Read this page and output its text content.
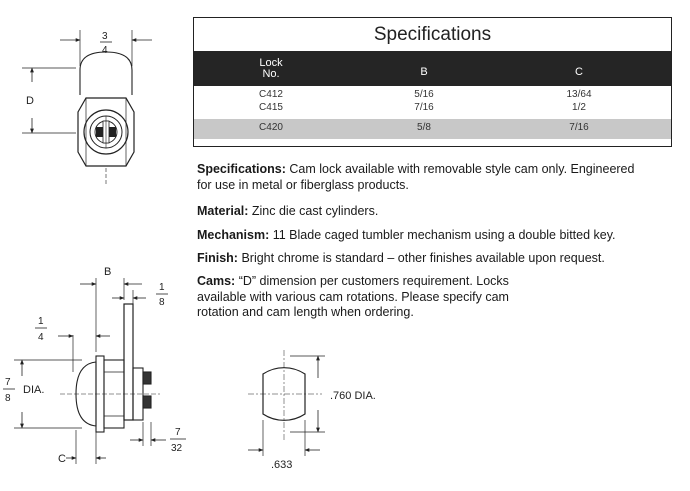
3
4
D
B
1
8
1
4
7
8
DIA.
7
32
C
.760 DIA.
.633
Specifications
Lock
No.	B	C
C412	5/16	13/64
C415	7/16	1/2
C420	5/8	7/16

Specifications: Cam lock available with removable style cam only. Engineered for use in metal or fiberglass products.

Material: Zinc die cast cylinders.

Mechanism: 11 Blade caged tumbler mechanism using a double bitted key.

Finish: Bright chrome is standard – other finishes available upon request.

Cams: “D” dimension per customers requirement. Locks available with various cam rotations. Please specify cam rotation and cam length when ordering.
